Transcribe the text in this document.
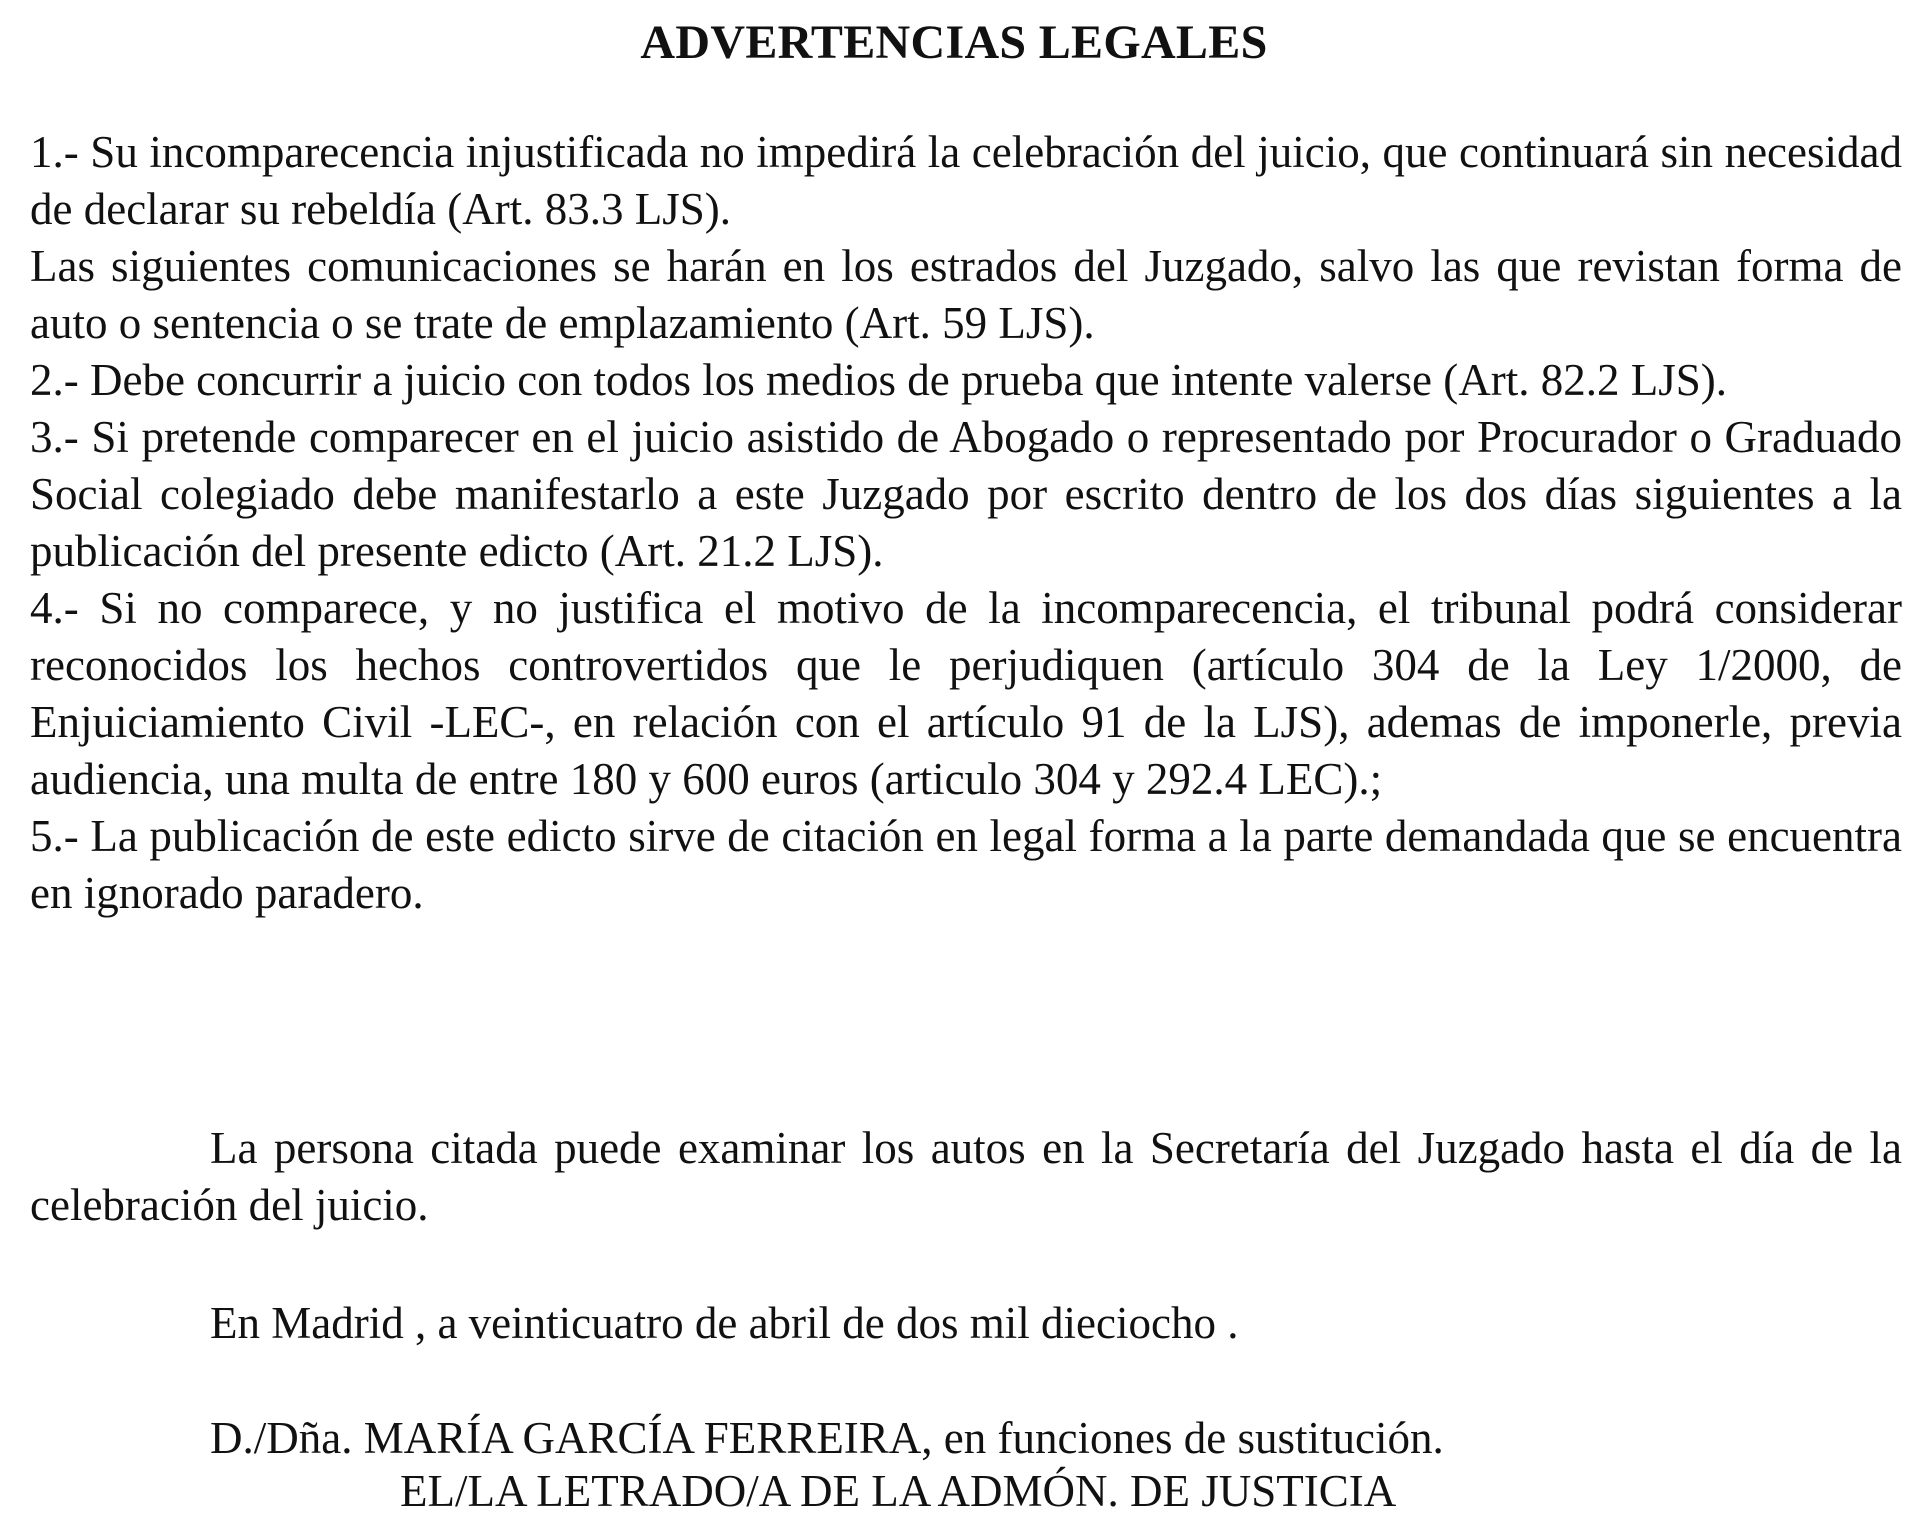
ADVERTENCIAS LEGALES

1.- Su incomparecencia injustificada no impedirá la celebración del juicio, que continuará sin necesidad de declarar su rebeldía (Art. 83.3 LJS).

Las siguientes comunicaciones se harán en los estrados del Juzgado, salvo las que revistan forma de auto o sentencia o se trate de emplazamiento (Art. 59 LJS).

2.- Debe concurrir a juicio con todos los medios de prueba que intente valerse (Art. 82.2 LJS).

3.- Si pretende comparecer en el juicio asistido de Abogado o representado por Procurador o Graduado Social colegiado debe manifestarlo a este Juzgado por escrito dentro de los dos días siguientes a la publicación del presente edicto (Art. 21.2 LJS).

4.- Si no comparece, y no justifica el motivo de la incomparecencia, el tribunal podrá considerar reconocidos los hechos controvertidos que le perjudiquen (artículo 304 de la Ley 1/2000, de Enjuiciamiento Civil -LEC-, en relación con el artículo 91 de la LJS), ademas de imponerle, previa audiencia, una multa de entre 180 y 600 euros (articulo 304 y 292.4 LEC).;

5.- La publicación de este edicto sirve de citación en legal forma a la parte demandada que se encuentra en ignorado paradero.

La persona citada puede examinar los autos en la Secretaría del Juzgado hasta el día de la celebración del juicio.

En Madrid , a veinticuatro de abril de dos mil dieciocho .

D./Dña. MARÍA GARCÍA FERREIRA, en funciones de sustitución.

EL/LA LETRADO/A DE LA ADMÓN. DE JUSTICIA
